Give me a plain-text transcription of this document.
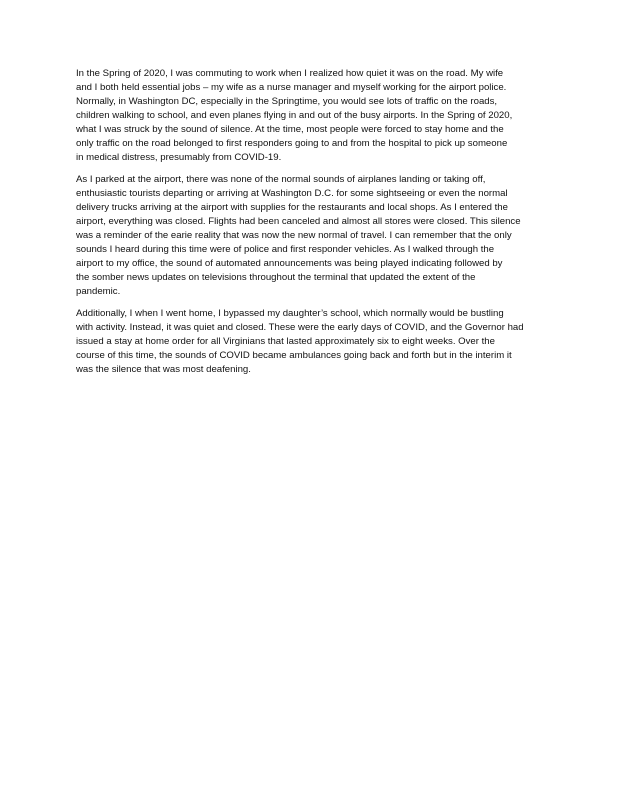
In the Spring of 2020, I was commuting to work when I realized how quiet it was on the road. My wife
and I both held essential jobs – my wife as a nurse manager and myself working for the airport police.
Normally, in Washington DC, especially in the Springtime, you would see lots of traffic on the roads,
children walking to school, and even planes flying in and out of the busy airports. In the Spring of 2020,
what I was struck by the sound of silence. At the time, most people were forced to stay home and the
only traffic on the road belonged to first responders going to and from the hospital to pick up someone
in medical distress, presumably from COVID-19.

As I parked at the airport, there was none of the normal sounds of airplanes landing or taking off,
enthusiastic tourists departing or arriving at Washington D.C. for some sightseeing or even the normal
delivery trucks arriving at the airport with supplies for the restaurants and local shops. As I entered the
airport, everything was closed. Flights had been canceled and almost all stores were closed. This silence
was a reminder of the earie reality that was now the new normal of travel. I can remember that the only
sounds I heard during this time were of police and first responder vehicles. As I walked through the
airport to my office, the sound of automated announcements was being played indicating followed by
the somber news updates on televisions throughout the terminal that updated the extent of the
pandemic.

Additionally, I when I went home, I bypassed my daughter’s school, which normally would be bustling
with activity. Instead, it was quiet and closed. These were the early days of COVID, and the Governor had
issued a stay at home order for all Virginians that lasted approximately six to eight weeks. Over the
course of this time, the sounds of COVID became ambulances going back and forth but in the interim it
was the silence that was most deafening.
